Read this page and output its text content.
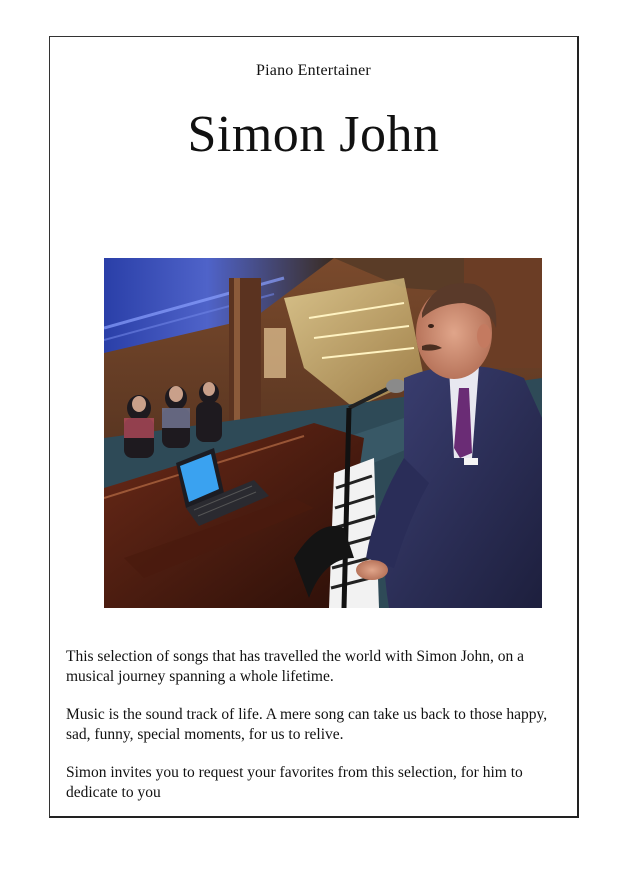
Piano Entertainer
Simon John

This selection of songs that has travelled the world with Simon John, on a musical journey spanning a whole lifetime.

Music is the sound track of life. A mere song can take us back to those happy, sad, funny, special moments, for us to relive.

Simon invites you to request your favorites from this selection, for him to dedicate to you
